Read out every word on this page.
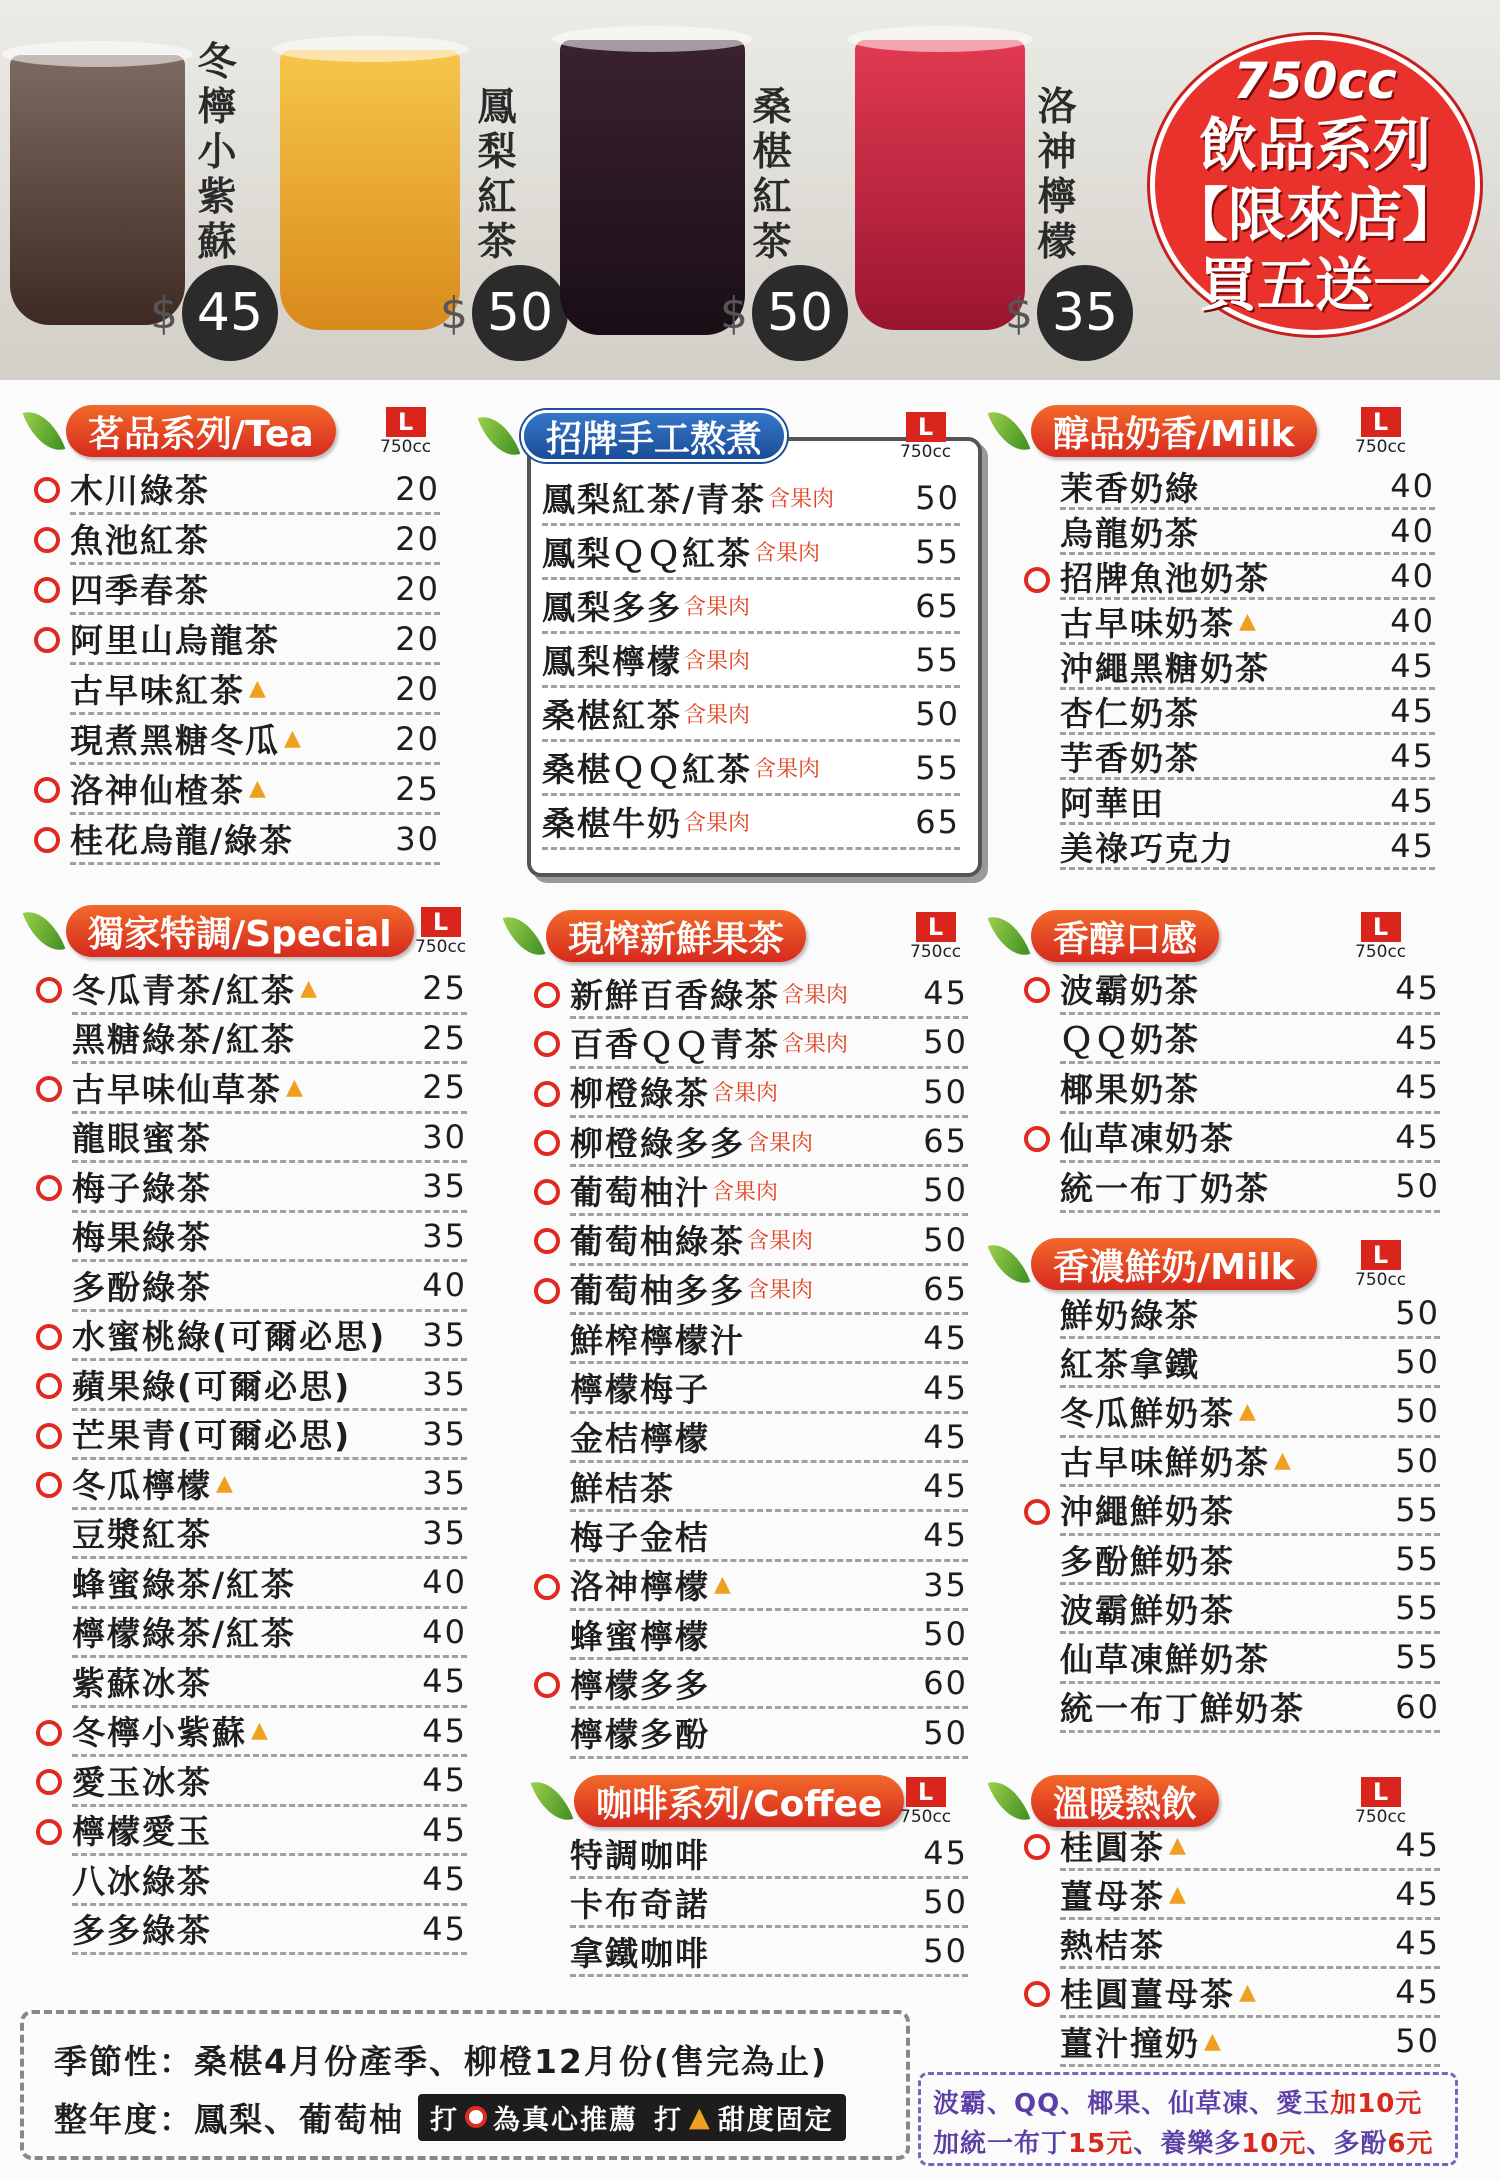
冬檸小紫蘇
$ 45
鳳梨紅茶
$ 50
桑椹紅茶
$ 50
洛神檸檬
$ 35
750cc
飲品系列
【限來店】
買五送一
茗品系列/Tea	L
750cc
木川綠茶	20
魚池紅茶	20
四季春茶	20
阿里山烏龍茶	20
古早味紅茶 ▲	20
現煮黑糖冬瓜 ▲	20
洛神仙楂茶 ▲	25
桂花烏龍/綠茶	30
招牌手工熬煮	L
750cc
鳳梨紅茶/青茶 含果肉	50
鳳梨ＱＱ紅茶 含果肉	55
鳳梨多多 含果肉	65
鳳梨檸檬 含果肉	55
桑椹紅茶 含果肉	50
桑椹ＱＱ紅茶 含果肉	55
桑椹牛奶 含果肉	65
醇品奶香/Milk	L
750cc
茉香奶綠	40
烏龍奶茶	40
招牌魚池奶茶	40
古早味奶茶 ▲	40
沖繩黑糖奶茶	45
杏仁奶茶	45
芋香奶茶	45
阿華田	45
美祿巧克力	45
獨家特調/Special	L
750cc
冬瓜青茶/紅茶 ▲	25
黑糖綠茶/紅茶	25
古早味仙草茶 ▲	25
龍眼蜜茶	30
梅子綠茶	35
梅果綠茶	35
多酚綠茶	40
水蜜桃綠(可爾必思) 35
蘋果綠(可爾必思) 35
芒果青(可爾必思) 35
冬瓜檸檬 ▲	35
豆漿紅茶	35
蜂蜜綠茶/紅茶	40
檸檬綠茶/紅茶	40
紫蘇冰茶	45
冬檸小紫蘇 ▲	45
愛玉冰茶	45
檸檬愛玉	45
八冰綠茶	45
多多綠茶	45
現榨新鮮果茶	L
750cc
新鮮百香綠茶 含果肉 45
百香ＱＱ青茶 含果肉 50
柳橙綠茶 含果肉	50
柳橙綠多多 含果肉	65
葡萄柚汁 含果肉	50
葡萄柚綠茶 含果肉	50
葡萄柚多多 含果肉	65
鮮榨檸檬汁	45
檸檬梅子	45
金桔檸檬	45
鮮桔茶	45
梅子金桔	45
洛神檸檬 ▲	35
蜂蜜檸檬	50
檸檬多多	60
檸檬多酚	50
香醇口感	L
750cc
波霸奶茶	45
ＱＱ奶茶	45
椰果奶茶	45
仙草凍奶茶	45
統一布丁奶茶	50
香濃鮮奶/Milk	L
750cc
鮮奶綠茶	50
紅茶拿鐵	50
冬瓜鮮奶茶 ▲	50
古早味鮮奶茶 ▲	50
沖繩鮮奶茶	55
多酚鮮奶茶	55
波霸鮮奶茶	55
仙草凍鮮奶茶	55
統一布丁鮮奶茶	60
咖啡系列/Coffee	L
750cc
特調咖啡	45
卡布奇諾	50
拿鐵咖啡	50
溫暖熱飲	L
750cc
桂圓茶 ▲	45
薑母茶 ▲	45
熱桔茶	45
桂圓薑母茶 ▲	45
薑汁撞奶 ▲	50
季節性：桑椹4月份產季、柳橙12月份(售完為止)
整年度：鳳梨、葡萄柚 打 為真心推薦 打 ▲ 甜度固定
波霸、QQ、椰果、仙草凍、愛玉 加10元
加統一布丁 15元 、養樂多 10元 、多酚 6元
